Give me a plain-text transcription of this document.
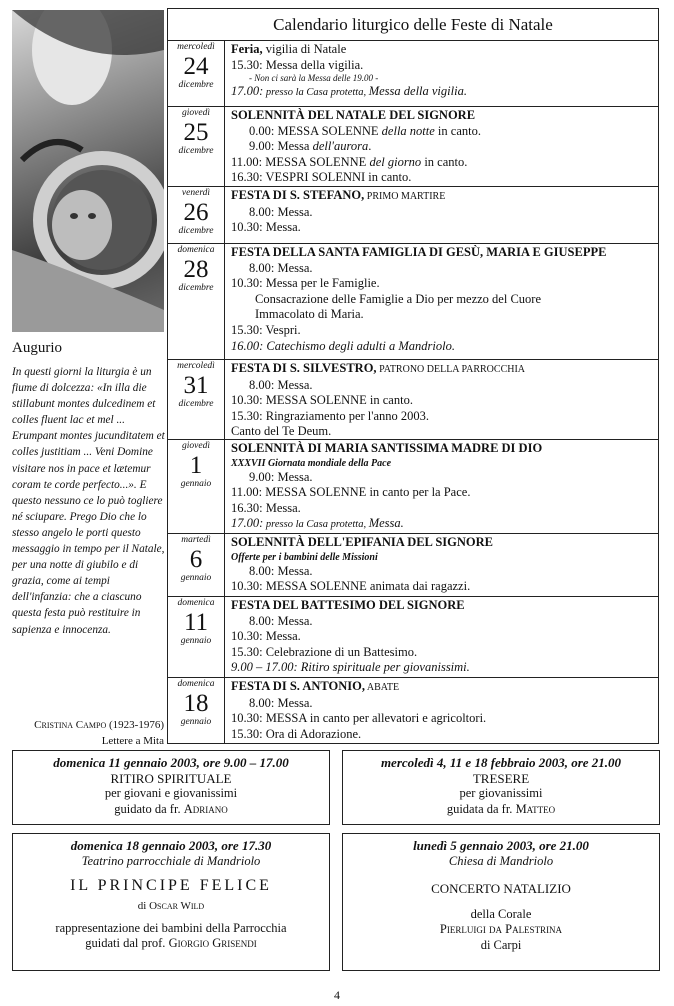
Augurio
In questi giorni la liturgia è un fiume di dolcezza: «In illa die stillabunt montes dulcedinem et colles fluent lac et mel ... Erumpant montes jucunditatem et colles justitiam ... Veni Domine visitare nos in pace et lætemur coram te corde perfecto...». E questo nessuno ce lo può togliere né sciupare. Prego Dio che lo stesso angelo le porti questo messaggio in tempo per il Natale, per una notte di giubilo e di grazia, come ai tempi dell'infanzia: che a ciascuno questa festa può restituire in sapienza e innocenza.
Cristina Campo (1923-1976)
Lettere a Mita
Calendario liturgico delle Feste di Natale
mercoledì
24
dicembre
Feria, vigilia di Natale
15.30: Messa della vigilia.
- Non ci sarà la Messa delle 19.00 -
17.00: presso la Casa protetta, Messa della vigilia.
giovedì
25
dicembre
SOLENNITÀ DEL NATALE DEL SIGNORE
0.00: MESSA SOLENNE della notte in canto.
9.00: Messa dell'aurora.
11.00: MESSA SOLENNE del giorno in canto.
16.30: VESPRI SOLENNI in canto.
venerdì
26
dicembre
FESTA DI S. STEFANO, PRIMO MARTIRE
8.00: Messa.
10.30: Messa.
domenica
28
dicembre
FESTA DELLA SANTA FAMIGLIA DI GESÙ, MARIA E GIUSEPPE
8.00: Messa.
10.30: Messa per le Famiglie.
Consacrazione delle Famiglie a Dio per mezzo del Cuore
Immacolato di Maria.
15.30: Vespri.
16.00: Catechismo degli adulti a Mandriolo.
mercoledì
31
dicembre
FESTA DI S. SILVESTRO, PATRONO DELLA PARROCCHIA
8.00: Messa.
10.30: MESSA SOLENNE in canto.
15.30: Ringraziamento per l'anno 2003.
Canto del Te Deum.
giovedì
1
gennaio
SOLENNITÀ DI MARIA SANTISSIMA MADRE DI DIO
XXXVII Giornata mondiale della Pace
9.00: Messa.
11.00: MESSA SOLENNE in canto per la Pace.
16.30: Messa.
17.00: presso la Casa protetta, Messa.
martedì
6
gennaio
SOLENNITÀ DELL'EPIFANIA DEL SIGNORE
Offerte per i bambini delle Missioni
8.00: Messa.
10.30: MESSA SOLENNE animata dai ragazzi.
domenica
11
gennaio
FESTA DEL BATTESIMO DEL SIGNORE
8.00: Messa.
10.30: Messa.
15.30: Celebrazione di un Battesimo.
9.00 – 17.00: Ritiro spirituale per giovanissimi.
domenica
18
gennaio
FESTA DI S. ANTONIO, ABATE
8.00: Messa.
10.30: MESSA in canto per allevatori e agricoltori.
15.30: Ora di Adorazione.
domenica 11 gennaio 2003, ore 9.00 – 17.00
RITIRO SPIRITUALE
per giovani e giovanissimi
guidato da fr. Adriano
mercoledì 4, 11 e 18 febbraio 2003, ore 21.00
TRESERE
per giovanissimi
guidata da fr. Matteo
domenica 18 gennaio 2003, ore 17.30
Teatrino parrocchiale di Mandriolo
IL PRINCIPE FELICE
di Oscar Wild
rappresentazione dei bambini della Parrocchia
guidati dal prof. Giorgio Grisendi
lunedì 5 gennaio 2003, ore 21.00
Chiesa di Mandriolo
CONCERTO NATALIZIO
della Corale
Pierluigi da Palestrina
di Carpi
4
